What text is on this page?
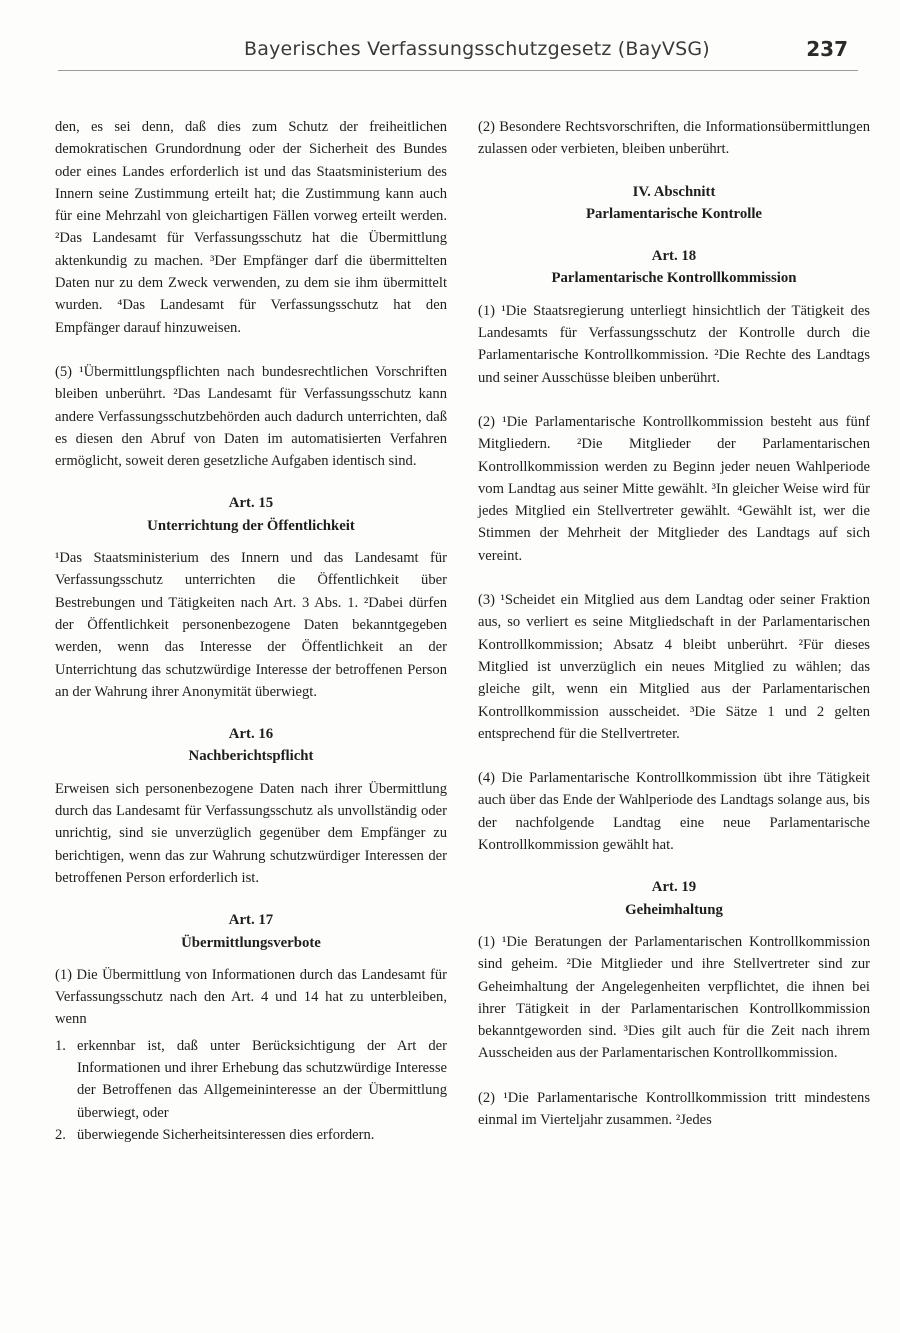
Bayerisches Verfassungsschutzgesetz (BayVSG)	237

den, es sei denn, daß dies zum Schutz der freiheitlichen demokratischen Grundordnung oder der Sicherheit des Bundes oder eines Landes erforderlich ist und das Staatsministerium des Innern seine Zustimmung erteilt hat; die Zustimmung kann auch für eine Mehrzahl von gleichartigen Fällen vorweg erteilt werden. ²Das Landesamt für Verfassungsschutz hat die Übermittlung aktenkundig zu machen. ³Der Empfänger darf die übermittelten Daten nur zu dem Zweck verwenden, zu dem sie ihm übermittelt wurden. ⁴Das Landesamt für Verfassungsschutz hat den Empfänger darauf hinzuweisen.

(5) ¹Übermittlungspflichten nach bundesrechtlichen Vorschriften bleiben unberührt. ²Das Landesamt für Verfassungsschutz kann andere Verfassungsschutzbehörden auch dadurch unterrichten, daß es diesen den Abruf von Daten im automatisierten Verfahren ermöglicht, soweit deren gesetzliche Aufgaben identisch sind.

Art. 15
Unterrichtung der Öffentlichkeit

¹Das Staatsministerium des Innern und das Landesamt für Verfassungsschutz unterrichten die Öffentlichkeit über Bestrebungen und Tätigkeiten nach Art. 3 Abs. 1. ²Dabei dürfen der Öffentlichkeit personenbezogene Daten bekanntgegeben werden, wenn das Interesse der Öffentlichkeit an der Unterrichtung das schutzwürdige Interesse der betroffenen Person an der Wahrung ihrer Anonymität überwiegt.

Art. 16
Nachberichtspflicht

Erweisen sich personenbezogene Daten nach ihrer Übermittlung durch das Landesamt für Verfassungsschutz als unvollständig oder unrichtig, sind sie unverzüglich gegenüber dem Empfänger zu berichtigen, wenn das zur Wahrung schutzwürdiger Interessen der betroffenen Person erforderlich ist.

Art. 17
Übermittlungsverbote

(1) Die Übermittlung von Informationen durch das Landesamt für Verfassungsschutz nach den Art. 4 und 14 hat zu unterbleiben, wenn

1. erkennbar ist, daß unter Berücksichtigung der Art der Informationen und ihrer Erhebung das schutzwürdige Interesse der Betroffenen das Allgemeininteresse an der Übermittlung überwiegt, oder
2. überwiegende Sicherheitsinteressen dies erfordern.

(2) Besondere Rechtsvorschriften, die Informationsübermittlungen zulassen oder verbieten, bleiben unberührt.

IV. Abschnitt
Parlamentarische Kontrolle
Art. 18
Parlamentarische Kontrollkommission

(1) ¹Die Staatsregierung unterliegt hinsichtlich der Tätigkeit des Landesamts für Verfassungsschutz der Kontrolle durch die Parlamentarische Kontrollkommission. ²Die Rechte des Landtags und seiner Ausschüsse bleiben unberührt.

(2) ¹Die Parlamentarische Kontrollkommission besteht aus fünf Mitgliedern. ²Die Mitglieder der Parlamentarischen Kontrollkommission werden zu Beginn jeder neuen Wahlperiode vom Landtag aus seiner Mitte gewählt. ³In gleicher Weise wird für jedes Mitglied ein Stellvertreter gewählt. ⁴Gewählt ist, wer die Stimmen der Mehrheit der Mitglieder des Landtags auf sich vereint.

(3) ¹Scheidet ein Mitglied aus dem Landtag oder seiner Fraktion aus, so verliert es seine Mitgliedschaft in der Parlamentarischen Kontrollkommission; Absatz 4 bleibt unberührt. ²Für dieses Mitglied ist unverzüglich ein neues Mitglied zu wählen; das gleiche gilt, wenn ein Mitglied aus der Parlamentarischen Kontrollkommission ausscheidet. ³Die Sätze 1 und 2 gelten entsprechend für die Stellvertreter.

(4) Die Parlamentarische Kontrollkommission übt ihre Tätigkeit auch über das Ende der Wahlperiode des Landtags solange aus, bis der nachfolgende Landtag eine neue Parlamentarische Kontrollkommission gewählt hat.

Art. 19
Geheimhaltung

(1) ¹Die Beratungen der Parlamentarischen Kontrollkommission sind geheim. ²Die Mitglieder und ihre Stellvertreter sind zur Geheimhaltung der Angelegenheiten verpflichtet, die ihnen bei ihrer Tätigkeit in der Parlamentarischen Kontrollkommission bekanntgeworden sind. ³Dies gilt auch für die Zeit nach ihrem Ausscheiden aus der Parlamentarischen Kontrollkommission.

(2) ¹Die Parlamentarische Kontrollkommission tritt mindestens einmal im Vierteljahr zusammen. ²Jedes
